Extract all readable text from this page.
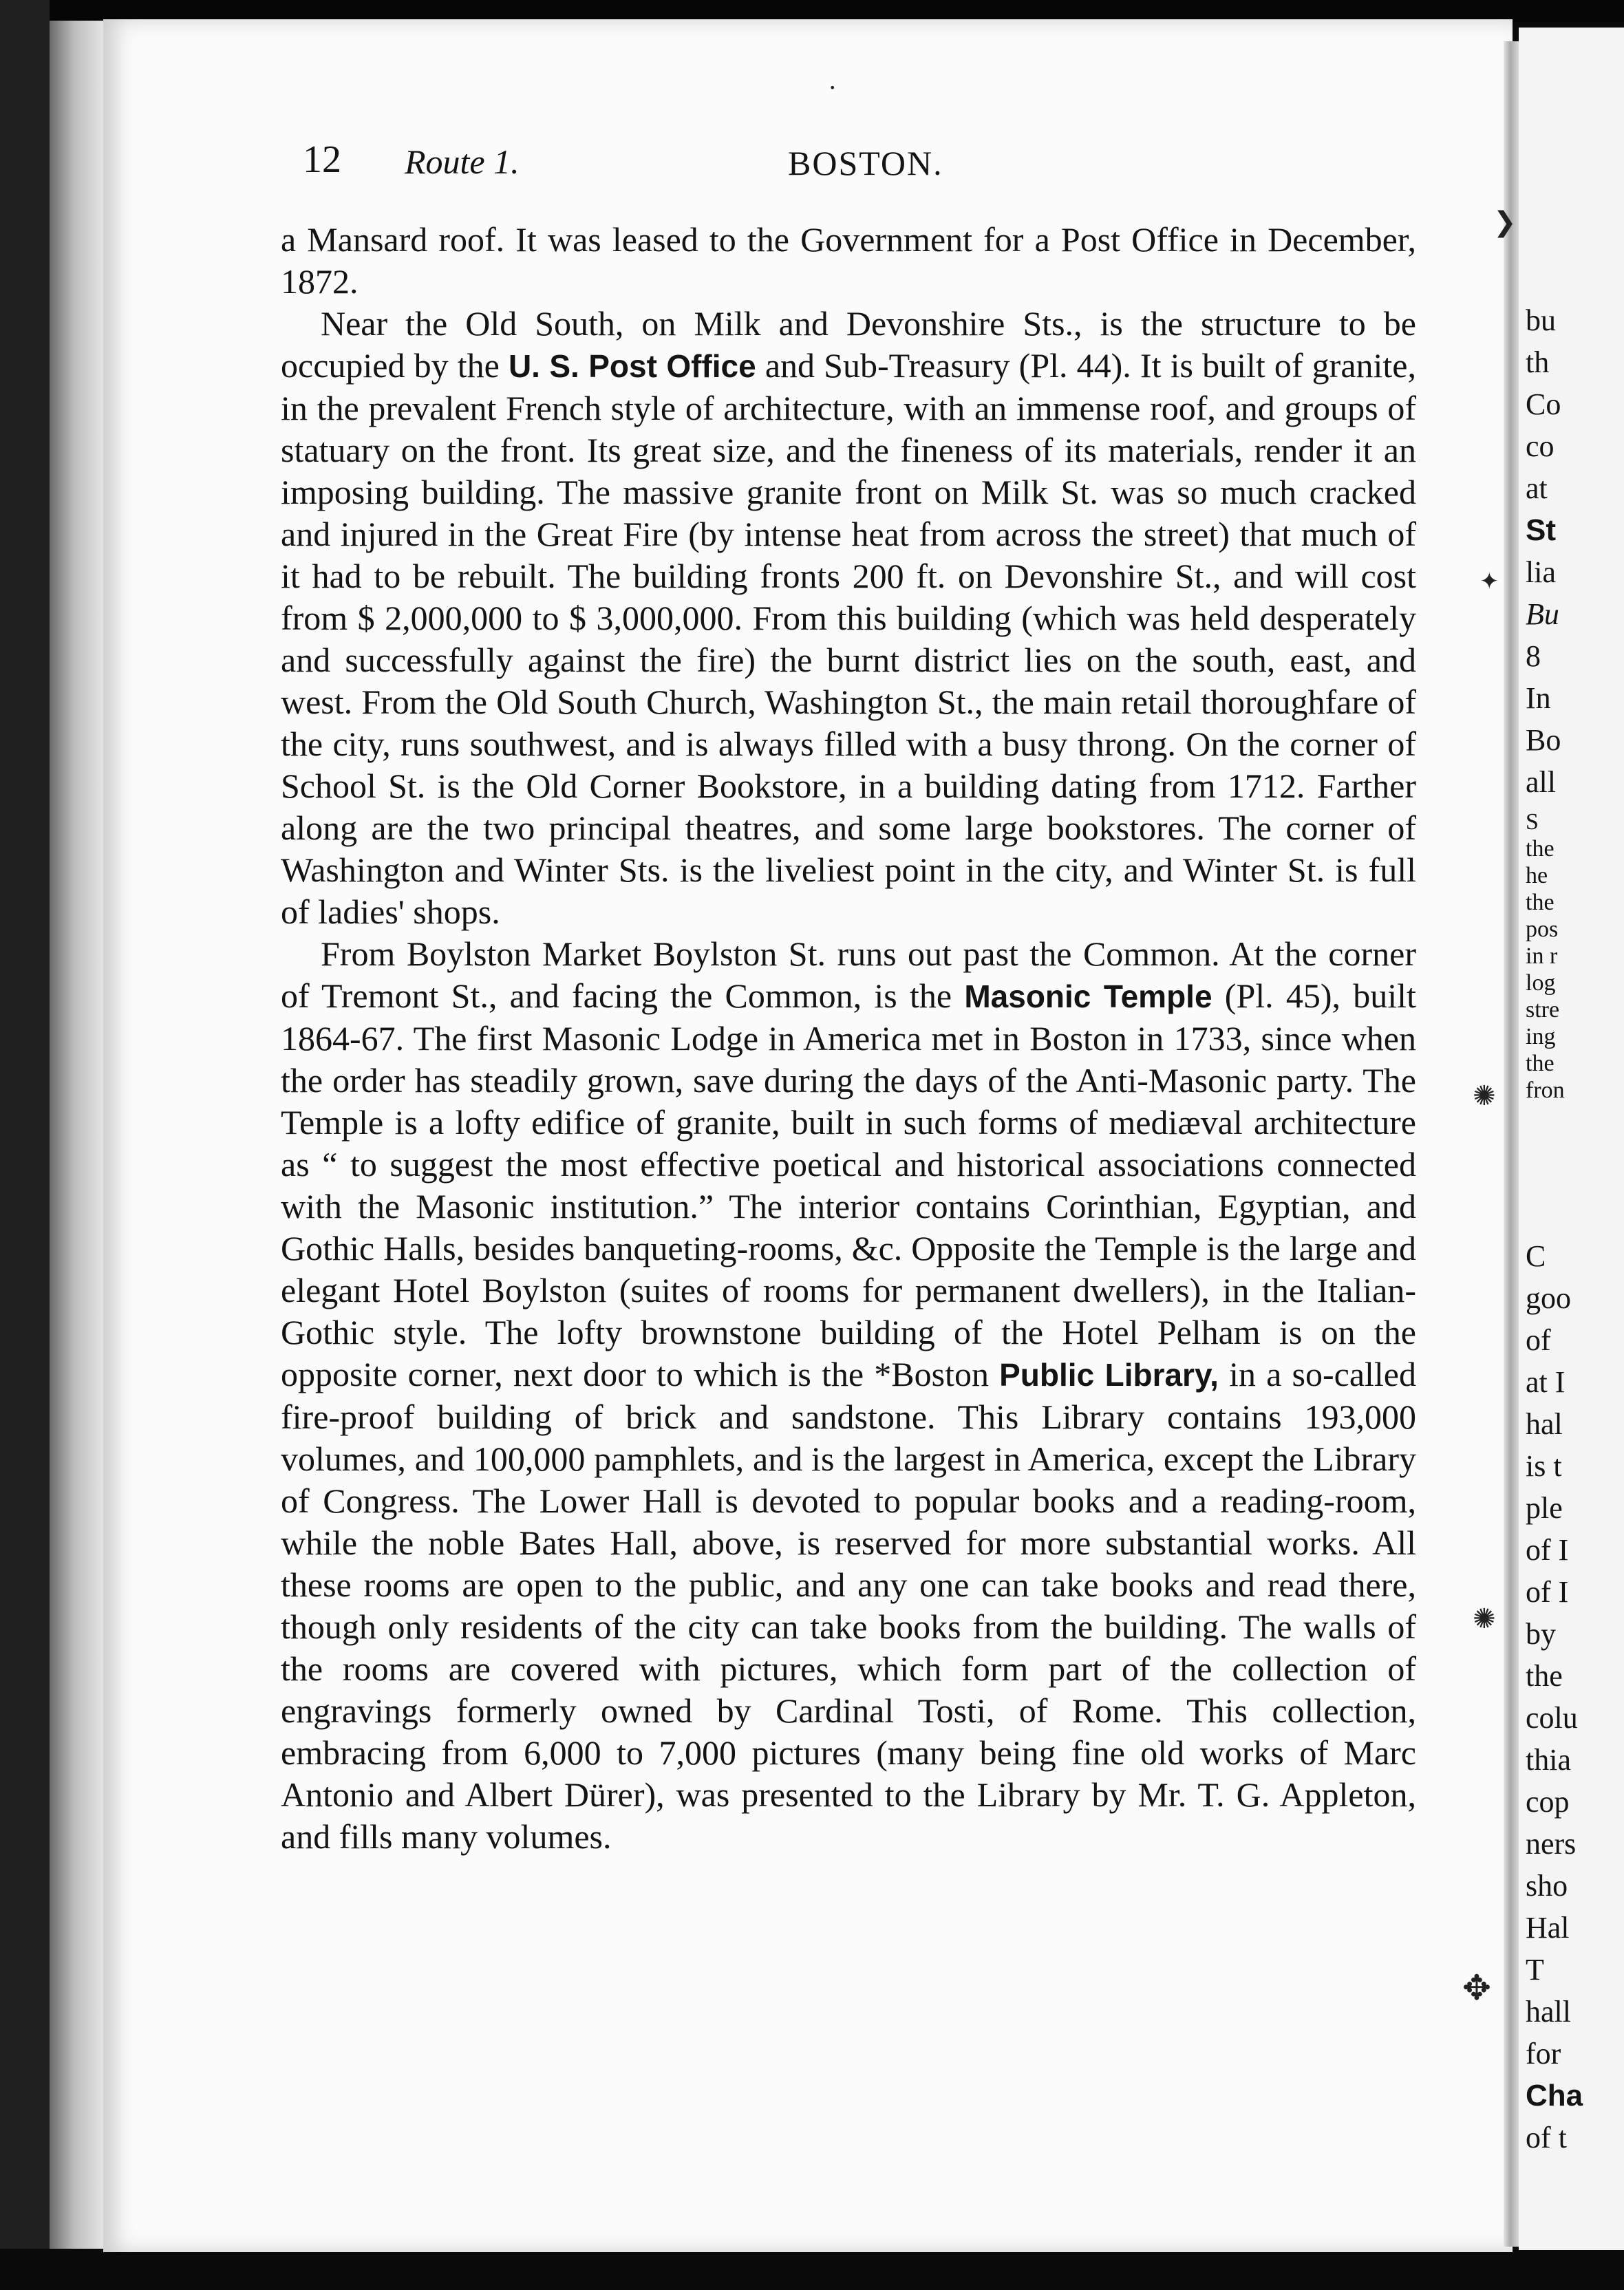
12 Route 1.	BOSTON.

a Mansard roof. It was leased to the Government for a Post Office in December, 1872.

Near the Old South, on Milk and Devonshire Sts., is the structure to be occupied by the U. S. Post Office and Sub-Treasury (Pl. 44). It is built of granite, in the prevalent French style of architecture, with an immense roof, and groups of statuary on the front. Its great size, and the fineness of its materials, render it an imposing building. The massive granite front on Milk St. was so much cracked and injured in the Great Fire (by intense heat from across the street) that much of it had to be rebuilt. The building fronts 200 ft. on Devonshire St., and will cost from $ 2,000,000 to $ 3,000,000. From this building (which was held desperately and successfully against the fire) the burnt district lies on the south, east, and west. From the Old South Church, Washington St., the main retail thoroughfare of the city, runs southwest, and is always filled with a busy throng. On the corner of School St. is the Old Corner Bookstore, in a building dating from 1712. Farther along are the two principal theatres, and some large bookstores. The corner of Washington and Winter Sts. is the liveliest point in the city, and Winter St. is full of ladies' shops.

From Boylston Market Boylston St. runs out past the Common. At the corner of Tremont St., and facing the Common, is the Masonic Temple (Pl. 45), built 1864-67. The first Masonic Lodge in America met in Boston in 1733, since when the order has steadily grown, save during the days of the Anti-Masonic party. The Temple is a lofty edifice of granite, built in such forms of mediæval architecture as “ to suggest the most effective poetical and historical associations connected with the Masonic institution.” The interior contains Corinthian, Egyptian, and Gothic Halls, besides banqueting-rooms, &c. Opposite the Temple is the large and elegant Hotel Boylston (suites of rooms for permanent dwellers), in the Italian-Gothic style. The lofty brownstone building of the Hotel Pelham is on the opposite corner, next door to which is the *Boston Public Library, in a so-called fire-proof building of brick and sandstone. This Library contains 193,000 volumes, and 100,000 pamphlets, and is the largest in America, except the Library of Congress. The Lower Hall is devoted to popular books and a reading-room, while the noble Bates Hall, above, is reserved for more substantial works. All these rooms are open to the public, and any one can take books and read there, though only residents of the city can take books from the building. The walls of the rooms are covered with pictures, which form part of the collection of engravings formerly owned by Cardinal Tosti, of Rome. This collection, embracing from 6,000 to 7,000 pictures (many being fine old works of Marc Antonio and Albert Dürer), was presented to the Library by Mr. T. G. Appleton, and fills many volumes.

bu
th
Co
co
at
St
lia
Bu
8
In
Bo
all
S
the
he
the
pos
in r
log
stre
ing
the
fron
C
goo
of
at I
hal
is t
ple
of I
of I
by
the
colu
thia
cop
ners
sho
Hal
T
hall
for
Cha
of t
❯
✦
✺
✺
✥
•
